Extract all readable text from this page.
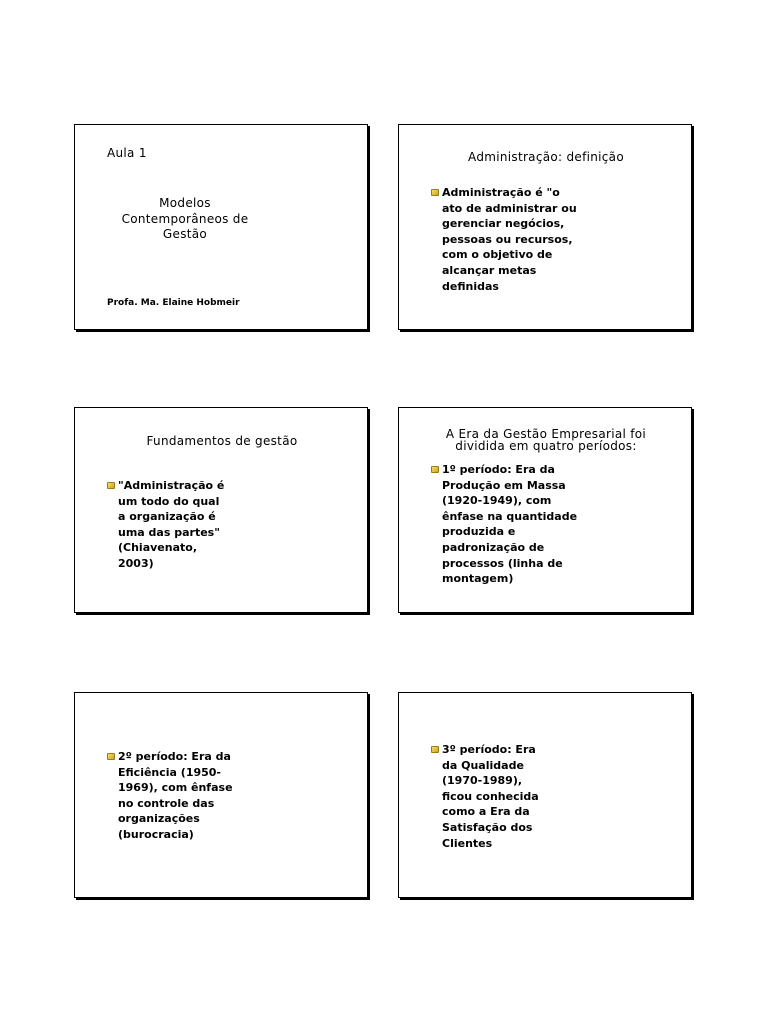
Aula 1
Modelos
Contemporâneos de
Gestão
Profa. Ma. Elaine Hobmeir
Administração: definição
Administração é "o
ato de administrar ou
gerenciar negócios,
pessoas ou recursos,
com o objetivo de
alcançar metas
definidas
Fundamentos de gestão
"Administração é
um todo do qual
a organização é
uma das partes"
(Chiavenato,
2003)
A Era da Gestão Empresarial foi
dividida em quatro períodos:
1º período: Era da
Produção em Massa
(1920-1949), com
ênfase na quantidade
produzida e
padronização de
processos (linha de
montagem)
2º período: Era da
Eficiência (1950-
1969), com ênfase
no controle das
organizações
(burocracia)
3º período: Era
da Qualidade
(1970-1989),
ficou conhecida
como a Era da
Satisfação dos
Clientes
